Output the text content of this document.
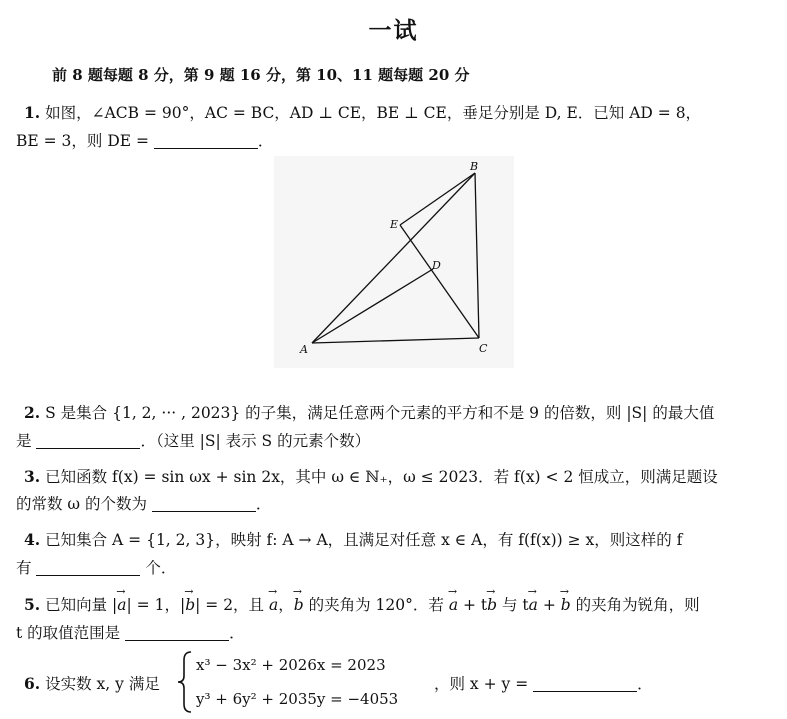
一试
前 8 题每题 8 分，第 9 题 16 分，第 10、11 题每题 20 分
1. 如图，∠ACB = 90°，AC = BC，AD ⊥ CE，BE ⊥ CE，垂足分别是 D, E．已知 AD = 8，
BE = 3，则 DE =	．
B
E
D
A	C
2. S 是集合 {1, 2, ··· , 2023} 的子集，满足任意两个元素的平方和不是 9 的倍数，则 |S| 的最大值
是	．（这里 |S| 表示 S 的元素个数）
3. 已知函数 f(x) = sin ωx + sin 2x，其中 ω ∈ ℕ₊，ω ≤ 2023．若 f(x) < 2 恒成立，则满足题设
的常数 ω 的个数为	．
4. 已知集合 A = {1, 2, 3}，映射 f: A → A，且满足对任意 x ∈ A，有 f(f(x)) ≥ x，则这样的 f
有	个．
5. 已知向量 |→ a| = 1，|→ b| = 2，且 → a，→ b 的夹角为 120°．若 → a + t→ b 与 t→ a + → b 的夹角为锐角，则
t 的取值范围是	．
6. 设实数 x, y 满足
x³ − 3x² + 2026x = 2023
y³ + 6y² + 2035y = −4053
，则 x + y =	．
